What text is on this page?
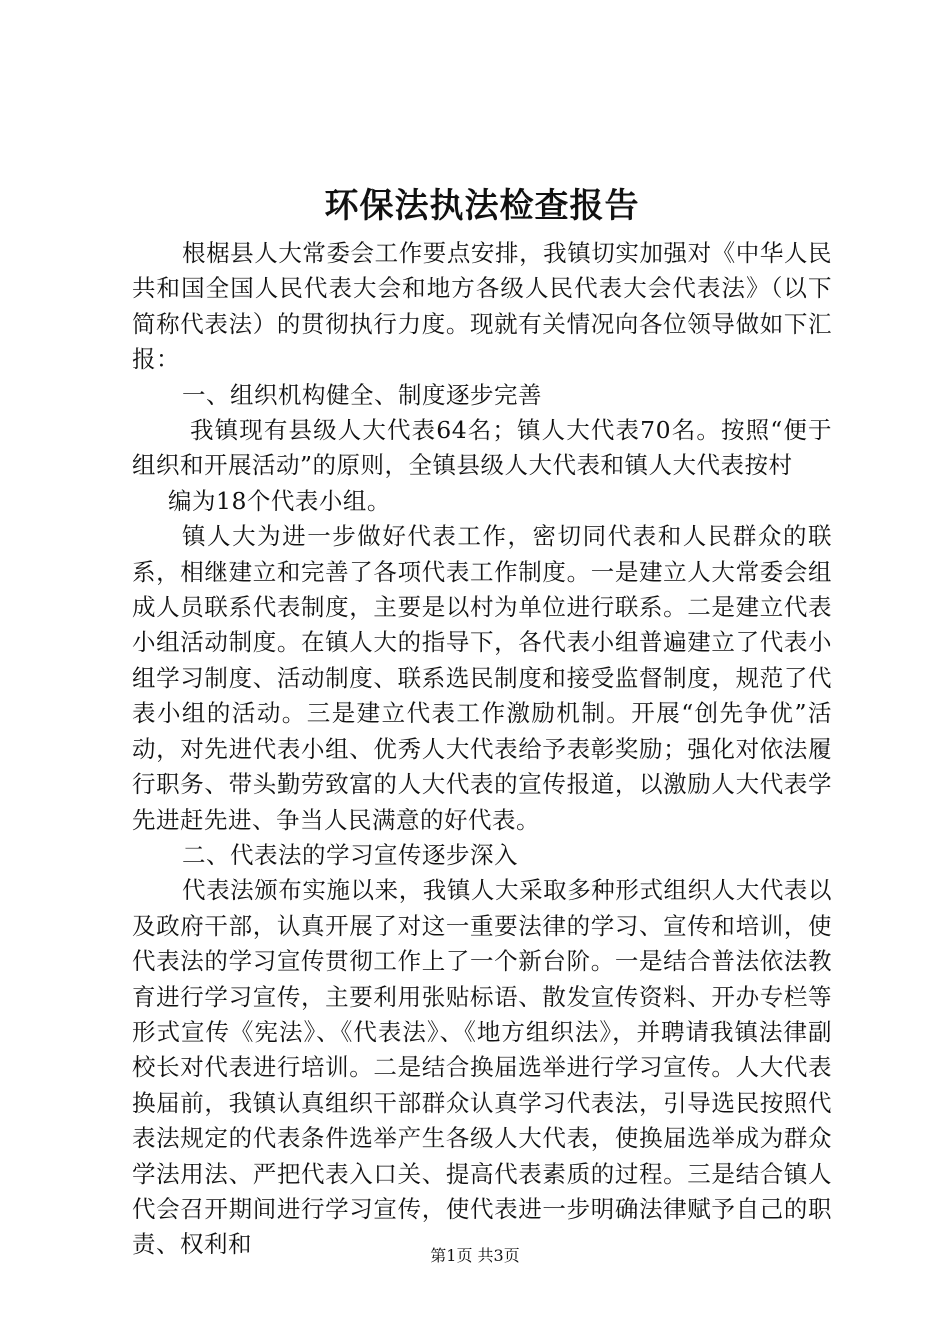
环保法执法检查报告

根椐县人大常委会工作要点安排，我镇切实加强对《中华人民共和国全国人民代表大会和地方各级人民代表大会代表法》（以下简称代表法）的贯彻执行力度。现就有关情况向各位领导做如下汇报：

一、组织机构健全、制度逐步完善

我镇现有县级人大代表64名；镇人大代表70名。按照“便于组织和开展活动”的原则，全镇县级人大代表和镇人大代表按村

编为18个代表小组。

镇人大为进一步做好代表工作，密切同代表和人民群众的联系，相继建立和完善了各项代表工作制度。一是建立人大常委会组成人员联系代表制度，主要是以村为单位进行联系。二是建立代表小组活动制度。在镇人大的指导下，各代表小组普遍建立了代表小组学习制度、活动制度、联系选民制度和接受监督制度，规范了代表小组的活动。三是建立代表工作激励机制。开展“创先争优”活动，对先进代表小组、优秀人大代表给予表彰奖励；强化对依法履行职务、带头勤劳致富的人大代表的宣传报道，以激励人大代表学先进赶先进、争当人民满意的好代表。

二、代表法的学习宣传逐步深入

代表法颁布实施以来，我镇人大采取多种形式组织人大代表以及政府干部，认真开展了对这一重要法律的学习、宣传和培训，使代表法的学习宣传贯彻工作上了一个新台阶。一是结合普法依法教育进行学习宣传，主要利用张贴标语、散发宣传资料、开办专栏等形式宣传《宪法》、《代表法》、《地方组织法》，并聘请我镇法律副校长对代表进行培训。二是结合换届选举进行学习宣传。人大代表换届前，我镇认真组织干部群众认真学习代表法，引导选民按照代表法规定的代表条件选举产生各级人大代表，使换届选举成为群众学法用法、严把代表入口关、提高代表素质的过程。三是结合镇人代会召开期间进行学习宣传，使代表进一步明确法律赋予自己的职责、权利和	第1页 共3页
